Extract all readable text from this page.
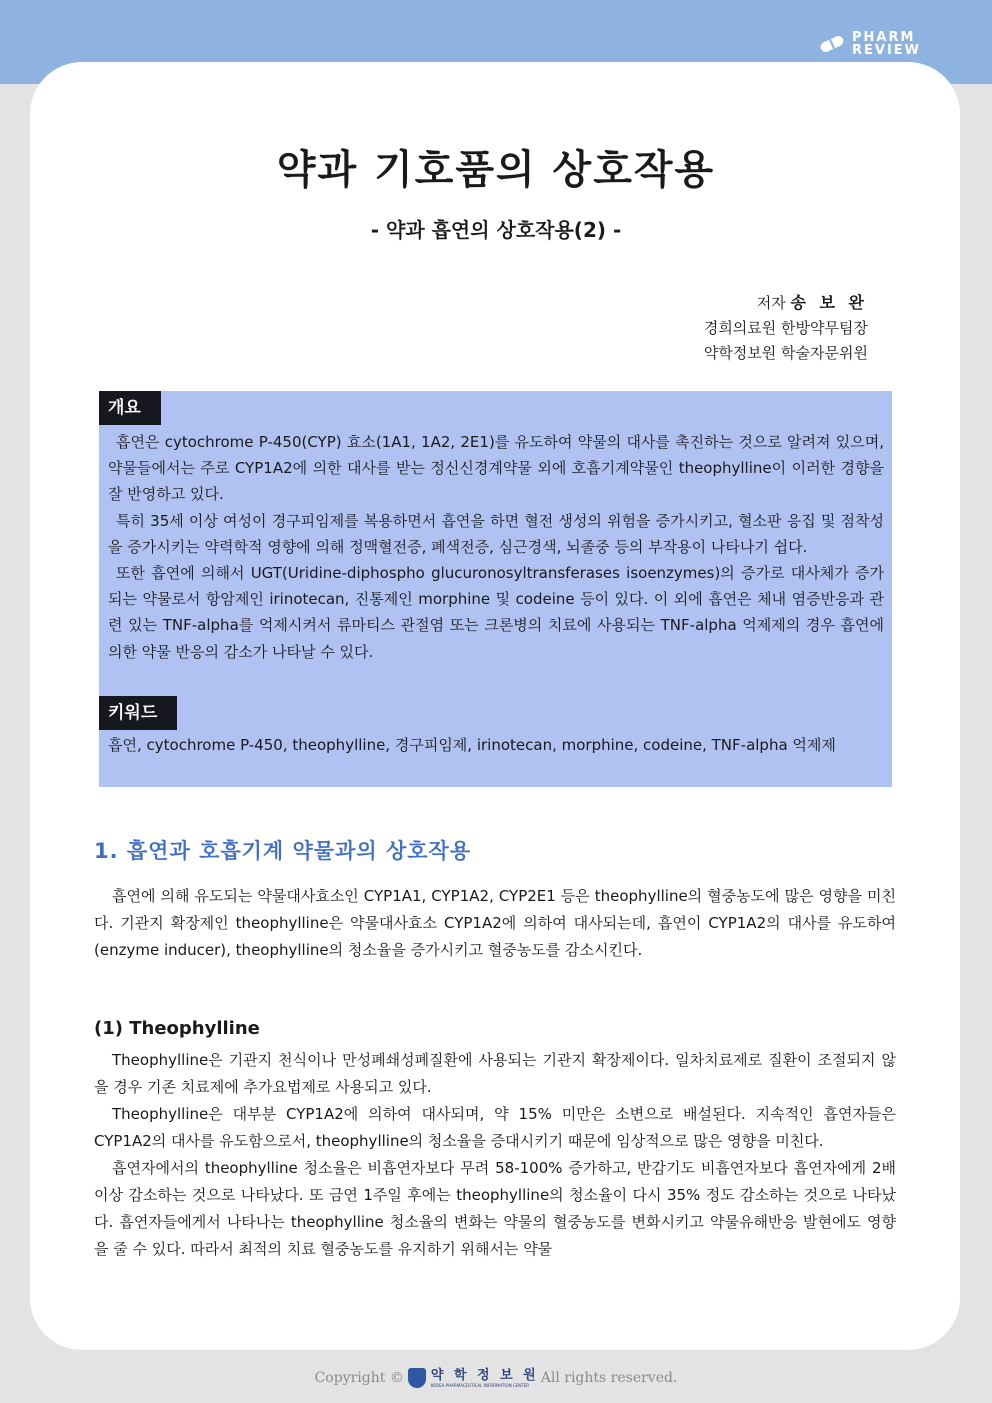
PHARM
REVIEW
약과 기호품의 상호작용
- 약과 흡연의 상호작용(2) -
저자 송 보 완
경희의료원 한방약무팀장
약학정보원 학술자문위원
개요

흡연은 cytochrome P-450(CYP) 효소(1A1, 1A2, 2E1)를 유도하여 약물의 대사를 촉진하는 것으로 알려져 있으며, 약물들에서는 주로 CYP1A2에 의한 대사를 받는 정신신경계약물 외에 호흡기계약물인 theophylline이 이러한 경향을 잘 반영하고 있다.

특히 35세 이상 여성이 경구피임제를 복용하면서 흡연을 하면 혈전 생성의 위험을 증가시키고, 혈소판 응집 및 점착성을 증가시키는 약력학적 영향에 의해 정맥혈전증, 폐색전증, 심근경색, 뇌졸중 등의 부작용이 나타나기 쉽다.

또한 흡연에 의해서 UGT(Uridine-diphospho glucuronosyltransferases isoenzymes)의 증가로 대사체가 증가되는 약물로서 항암제인 irinotecan, 진통제인 morphine 및 codeine 등이 있다. 이 외에 흡연은 체내 염증반응과 관련 있는 TNF-alpha를 억제시켜서 류마티스 관절염 또는 크론병의 치료에 사용되는 TNF-alpha 억제제의 경우 흡연에 의한 약물 반응의 감소가 나타날 수 있다.

키워드
흡연, cytochrome P-450, theophylline, 경구피임제, irinotecan, morphine, codeine, TNF-alpha 억제제
1. 흡연과 호흡기계 약물과의 상호작용

흡연에 의해 유도되는 약물대사효소인 CYP1A1, CYP1A2, CYP2E1 등은 theophylline의 혈중농도에 많은 영향을 미친다. 기관지 확장제인 theophylline은 약물대사효소 CYP1A2에 의하여 대사되는데, 흡연이 CYP1A2의 대사를 유도하여(enzyme inducer), theophylline의 청소율을 증가시키고 혈중농도를 감소시킨다.

(1) Theophylline

Theophylline은 기관지 천식이나 만성폐쇄성폐질환에 사용되는 기관지 확장제이다. 일차치료제로 질환이 조절되지 않을 경우 기존 치료제에 추가요법제로 사용되고 있다.

Theophylline은 대부분 CYP1A2에 의하여 대사되며, 약 15% 미만은 소변으로 배설된다. 지속적인 흡연자들은 CYP1A2의 대사를 유도함으로서, theophylline의 청소율을 증대시키기 때문에 임상적으로 많은 영향을 미친다.

흡연자에서의 theophylline 청소율은 비흡연자보다 무려 58-100% 증가하고, 반감기도 비흡연자보다 흡연자에게 2배 이상 감소하는 것으로 나타났다. 또 금연 1주일 후에는 theophylline의 청소율이 다시 35% 정도 감소하는 것으로 나타났다. 흡연자들에게서 나타나는 theophylline 청소율의 변화는 약물의 혈중농도를 변화시키고 약물유해반응 발현에도 영향을 줄 수 있다. 따라서 최적의 치료 혈중농도를 유지하기 위해서는 약물

Copyright © 약 학 정 보 원
KOREA PHARMACEUTICAL INFORMATION CENTER All rights reserved.
